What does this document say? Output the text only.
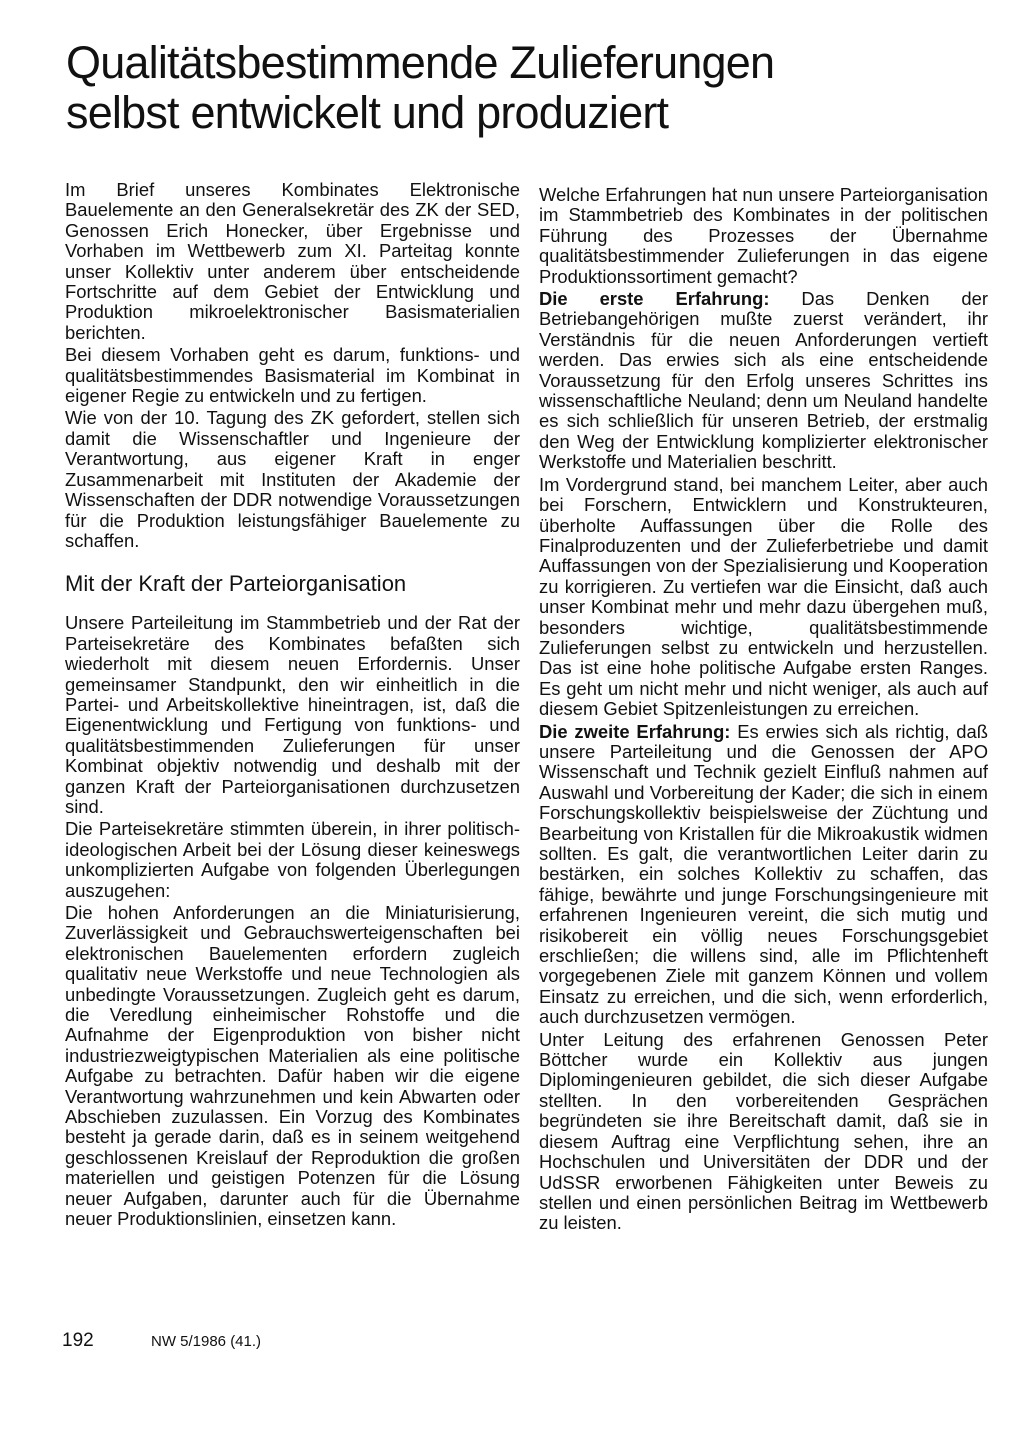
Qualitätsbestimmende Zulieferungen
selbst entwickelt und produziert

Im Brief unseres Kombinates Elektronische Bauelemente an den Generalsekretär des ZK der SED, Genossen Erich Honecker, über Ergebnisse und Vorhaben im Wettbewerb zum XI. Parteitag konnte unser Kollektiv unter anderem über entscheidende Fortschritte auf dem Gebiet der Entwicklung und Produktion mikroelektronischer Basismaterialien berichten.

Bei diesem Vorhaben geht es darum, funktions- und qualitätsbestimmendes Basismaterial im Kombinat in eigener Regie zu entwickeln und zu fertigen.

Wie von der 10. Tagung des ZK gefordert, stellen sich damit die Wissenschaftler und Ingenieure der Verantwortung, aus eigener Kraft in enger Zusammenarbeit mit Instituten der Akademie der Wissenschaften der DDR notwendige Voraussetzungen für die Produktion leistungsfähiger Bauelemente zu schaffen.

Mit der Kraft der Parteiorganisation

Unsere Parteileitung im Stammbetrieb und der Rat der Parteisekretäre des Kombinates befaßten sich wiederholt mit diesem neuen Erfordernis. Unser gemeinsamer Standpunkt, den wir einheitlich in die Partei- und Arbeitskollektive hineintragen, ist, daß die Eigenentwicklung und Fertigung von funktions- und qualitätsbestimmenden Zulieferungen für unser Kombinat objektiv notwendig und deshalb mit der ganzen Kraft der Parteiorganisationen durchzusetzen sind.

Die Parteisekretäre stimmten überein, in ihrer politisch-ideologischen Arbeit bei der Lösung dieser keineswegs unkomplizierten Aufgabe von folgenden Überlegungen auszugehen:

Die hohen Anforderungen an die Miniaturisierung, Zuverlässigkeit und Gebrauchswerteigenschaften bei elektronischen Bauelementen erfordern zugleich qualitativ neue Werkstoffe und neue Technologien als unbedingte Voraussetzungen. Zugleich geht es darum, die Veredlung einheimischer Rohstoffe und die Aufnahme der Eigenproduktion von bisher nicht industriezweigtypischen Materialien als eine politische Aufgabe zu betrachten. Dafür haben wir die eigene Verantwortung wahrzunehmen und kein Abwarten oder Abschieben zuzulassen. Ein Vorzug des Kombinates besteht ja gerade darin, daß es in seinem weitgehend geschlossenen Kreislauf der Reproduktion die großen materiellen und geistigen Potenzen für die Lösung neuer Aufgaben, darunter auch für die Übernahme neuer Produktionslinien, einsetzen kann.

Welche Erfahrungen hat nun unsere Parteiorganisation im Stammbetrieb des Kombinates in der politischen Führung des Prozesses der Übernahme qualitätsbestimmender Zulieferungen in das eigene Produktionssortiment gemacht?

Die erste Erfahrung: Das Denken der Betriebangehörigen mußte zuerst verändert, ihr Verständnis für die neuen Anforderungen vertieft werden. Das erwies sich als eine entscheidende Voraussetzung für den Erfolg unseres Schrittes ins wissenschaftliche Neuland; denn um Neuland handelte es sich schließlich für unseren Betrieb, der erstmalig den Weg der Entwicklung komplizierter elektronischer Werkstoffe und Materialien beschritt.

Im Vordergrund stand, bei manchem Leiter, aber auch bei Forschern, Entwicklern und Konstrukteuren, überholte Auffassungen über die Rolle des Finalproduzenten und der Zulieferbetriebe und damit Auffassungen von der Spezialisierung und Kooperation zu korrigieren. Zu vertiefen war die Einsicht, daß auch unser Kombinat mehr und mehr dazu übergehen muß, besonders wichtige, qualitätsbestimmende Zulieferungen selbst zu entwickeln und herzustellen. Das ist eine hohe politische Aufgabe ersten Ranges. Es geht um nicht mehr und nicht weniger, als auch auf diesem Gebiet Spitzenleistungen zu erreichen.

Die zweite Erfahrung: Es erwies sich als richtig, daß unsere Parteileitung und die Genossen der APO Wissenschaft und Technik gezielt Einfluß nahmen auf Auswahl und Vorbereitung der Kader; die sich in einem Forschungskollektiv beispielsweise der Züchtung und Bearbeitung von Kristallen für die Mikroakustik widmen sollten. Es galt, die verantwortlichen Leiter darin zu bestärken, ein solches Kollektiv zu schaffen, das fähige, bewährte und junge Forschungsingenieure mit erfahrenen Ingenieuren vereint, die sich mutig und risikobereit ein völlig neues Forschungsgebiet erschließen; die willens sind, alle im Pflichtenheft vorgegebenen Ziele mit ganzem Können und vollem Einsatz zu erreichen, und die sich, wenn erforderlich, auch durchzusetzen vermögen.

Unter Leitung des erfahrenen Genossen Peter Böttcher wurde ein Kollektiv aus jungen Diplomingenieuren gebildet, die sich dieser Aufgabe stellten. In den vorbereitenden Gesprächen begründeten sie ihre Bereitschaft damit, daß sie in diesem Auftrag eine Verpflichtung sehen, ihre an Hochschulen und Universitäten der DDR und der UdSSR erworbenen Fähigkeiten unter Beweis zu stellen und einen persönlichen Beitrag im Wettbewerb zu leisten.

192	NW 5/1986 (41.)
